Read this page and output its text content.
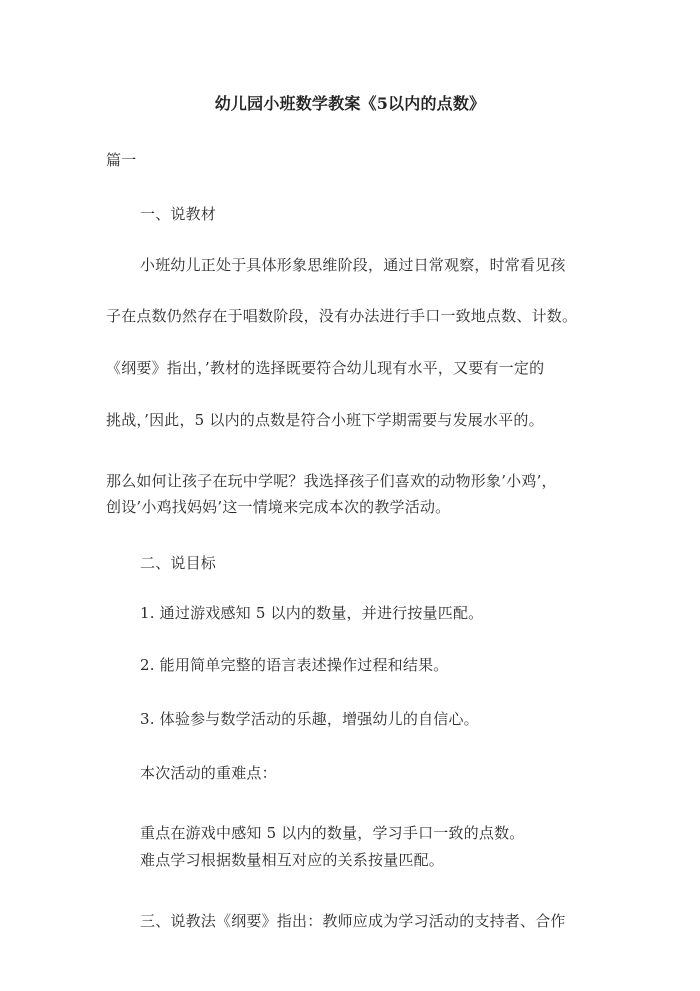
幼儿园小班数学教案《5以内的点数》
篇一
一、说教材
小班幼儿正处于具体形象思维阶段，通过日常观察，时常看见孩
子在点数仍然存在于唱数阶段，没有办法进行手口一致地点数、计数。
《纲要》指出，’教材的选择既要符合幼儿现有水平，又要有一定的
挑战，’因此，5 以内的点数是符合小班下学期需要与发展水平的。
那么如何让孩子在玩中学呢？我选择孩子们喜欢的动物形象’小鸡’，
创设’小鸡找妈妈’这一情境来完成本次的教学活动。
二、说目标
1. 通过游戏感知 5 以内的数量，并进行按量匹配。
2. 能用简单完整的语言表述操作过程和结果。
3. 体验参与数学活动的乐趣，增强幼儿的自信心。
本次活动的重难点：
重点在游戏中感知 5 以内的数量，学习手口一致的点数。
难点学习根据数量相互对应的关系按量匹配。
三、说教法《纲要》指出：教师应成为学习活动的支持者、合作
